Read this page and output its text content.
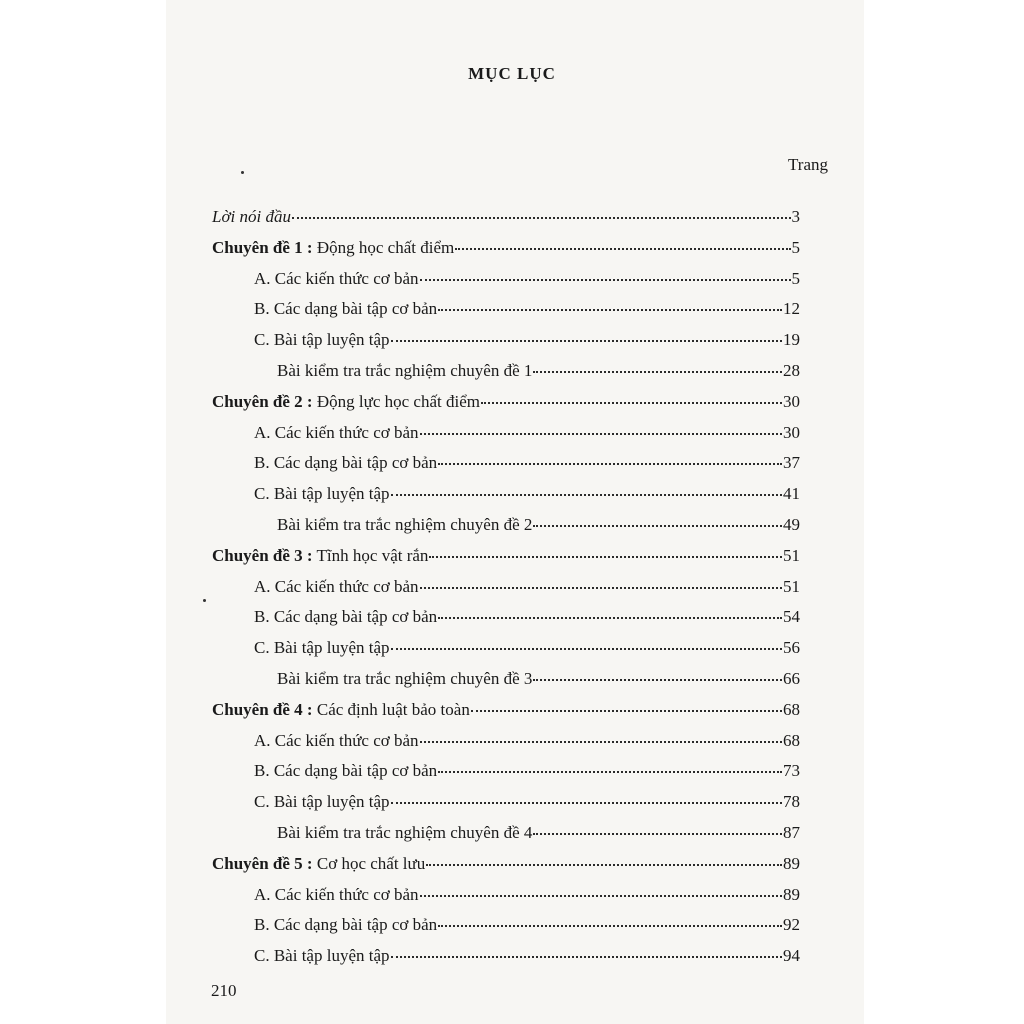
MỤC LỤC
Trang
Lời nói đầu	3
Chuyên đề 1 : Động học chất điểm	5
A. Các kiến thức cơ bản	5
B. Các dạng bài tập cơ bản	12
C. Bài tập luyện tập	19
Bài kiểm tra trắc nghiệm chuyên đề 1	28
Chuyên đề 2 : Động lực học chất điểm	30
A. Các kiến thức cơ bản	30
B. Các dạng bài tập cơ bản	37
C. Bài tập luyện tập	41
Bài kiểm tra trắc nghiệm chuyên đề 2	49
Chuyên đề 3 : Tĩnh học vật rắn	51
A. Các kiến thức cơ bản	51
B. Các dạng bài tập cơ bản	54
C. Bài tập luyện tập	56
Bài kiểm tra trắc nghiệm chuyên đề 3	66
Chuyên đề 4 : Các định luật bảo toàn	68
A. Các kiến thức cơ bản	68
B. Các dạng bài tập cơ bản	73
C. Bài tập luyện tập	78
Bài kiểm tra trắc nghiệm chuyên đề 4	87
Chuyên đề 5 : Cơ học chất lưu	89
A. Các kiến thức cơ bản	89
B. Các dạng bài tập cơ bản	92
C. Bài tập luyện tập	94
210
